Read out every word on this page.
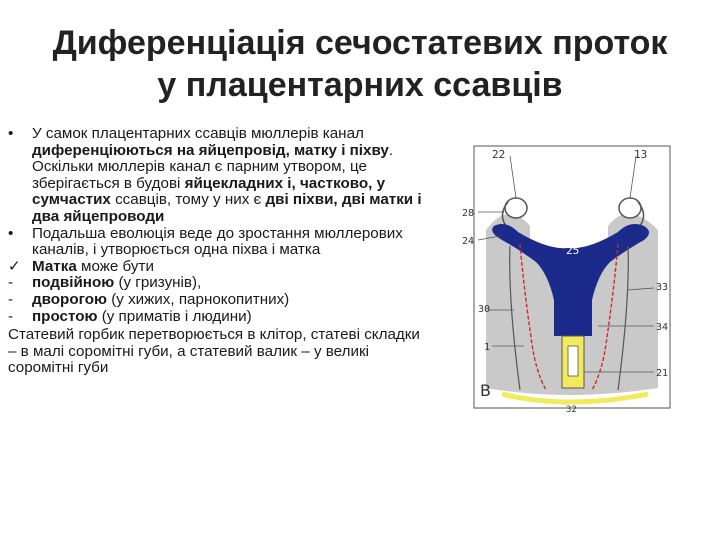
Диференціація сечостатевих проток
у плацентарних ссавців
•	У самок плацентарних ссавців мюллерів канал диференціюються на яйцепровід, матку і піхву. Оскільки мюллерів канал є парним утвором, це зберігається в будові яйцекладних і, частково, у сумчастих ссавців, тому у них є дві піхви, дві матки і два яйцепроводи
•	Подальша еволюція веде до зростання мюллерових каналів, і утворюється одна піхва і матка
✓ Матка може бути
-	подвійною (у гризунів),
-	дворогою (у хижих, парнокопитних)
-	простою (у приматів і людини)
Статевий горбик перетворюється в клітор, статеві складки – в малі соромітні губи, а статевий валик – у великі соромітні губи
22	13
28
24
25
30
33
34
1
21
B
32
